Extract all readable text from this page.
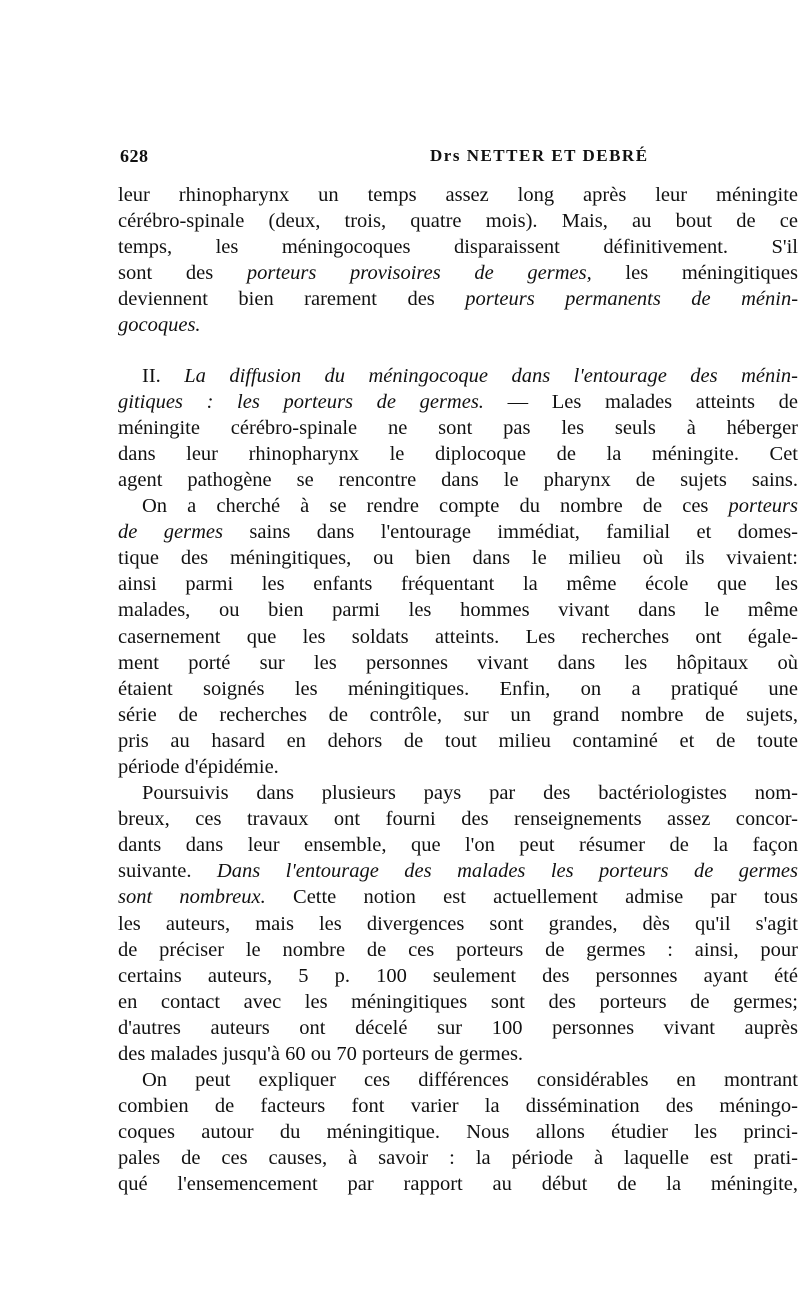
628	Drs NETTER ET DEBRÉ
leur rhinopharynx un temps assez long après leur méningite
cérébro-spinale (deux, trois, quatre mois). Mais, au bout de ce
temps, les méningocoques disparaissent définitivement. S'il
sont des porteurs provisoires de germes, les méningitiques
deviennent bien rarement des porteurs permanents de ménin-
gocoques.
II. La diffusion du méningocoque dans l'entourage des ménin-
gitiques : les porteurs de germes. — Les malades atteints de
méningite cérébro-spinale ne sont pas les seuls à héberger
dans leur rhinopharynx le diplocoque de la méningite. Cet
agent pathogène se rencontre dans le pharynx de sujets sains.
On a cherché à se rendre compte du nombre de ces porteurs
de germes sains dans l'entourage immédiat, familial et domes-
tique des méningitiques, ou bien dans le milieu où ils vivaient:
ainsi parmi les enfants fréquentant la même école que les
malades, ou bien parmi les hommes vivant dans le même
casernement que les soldats atteints. Les recherches ont égale-
ment porté sur les personnes vivant dans les hôpitaux où
étaient soignés les méningitiques. Enfin, on a pratiqué une
série de recherches de contrôle, sur un grand nombre de sujets,
pris au hasard en dehors de tout milieu contaminé et de toute
période d'épidémie.
Poursuivis dans plusieurs pays par des bactériologistes nom-
breux, ces travaux ont fourni des renseignements assez concor-
dants dans leur ensemble, que l'on peut résumer de la façon
suivante. Dans l'entourage des malades les porteurs de germes
sont nombreux. Cette notion est actuellement admise par tous
les auteurs, mais les divergences sont grandes, dès qu'il s'agit
de préciser le nombre de ces porteurs de germes : ainsi, pour
certains auteurs, 5 p. 100 seulement des personnes ayant été
en contact avec les méningitiques sont des porteurs de germes;
d'autres auteurs ont décelé sur 100 personnes vivant auprès
des malades jusqu'à 60 ou 70 porteurs de germes.
On peut expliquer ces différences considérables en montrant
combien de facteurs font varier la dissémination des méningo-
coques autour du méningitique. Nous allons étudier les princi-
pales de ces causes, à savoir : la période à laquelle est prati-
qué l'ensemencement par rapport au début de la méningite,
